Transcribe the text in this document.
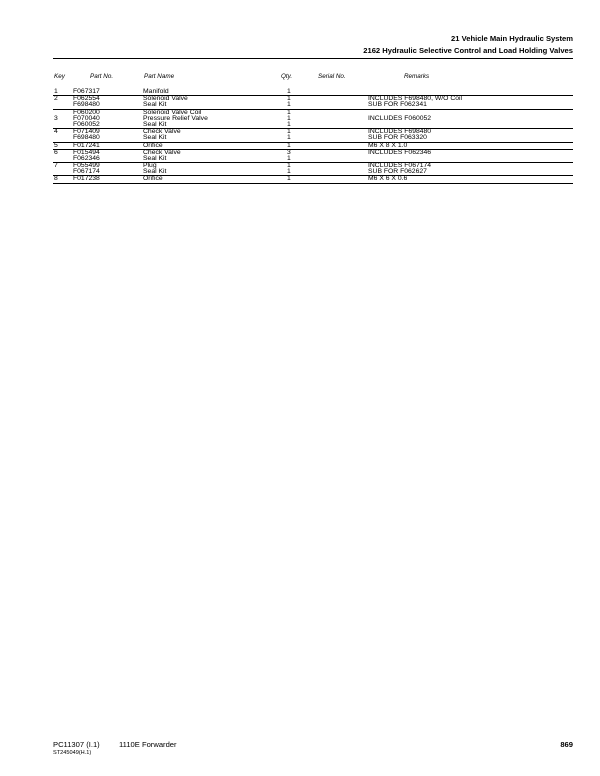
21 Vehicle Main Hydraulic System
2162 Hydraulic Selective Control and Load Holding Valves
Key	Part No.	Part Name	Qty.	Serial No.	Remarks
1 F067317	Manifold	1
2 F062554	Solenoid Valve	1	INCLUDES F698480, W/O Coil
F698480	Seal Kit	1	SUB FOR F062341
F060200	Solenoid Valve Coil	1
3 F070040	Pressure Relief Valve	1	INCLUDES F060052
F060052	Seal Kit	1
4 F071409	Check Valve	1	INCLUDES F698480
F698480	Seal Kit	1	SUB FOR F063320
5 F017241	Orifice	1	M6 X 8 X 1.0
6 F015494	Check Valve	3	INCLUDES F062346
F062346	Seal Kit	1
7 F055499	Plug	1	INCLUDES F067174
F067174	Seal Kit	1	SUB FOR F062627
8 F017238	Orifice	1	M6 X 6 X 0.6
PC11307 (I.1)	1110E Forwarder	869
ST245049(H.1)
